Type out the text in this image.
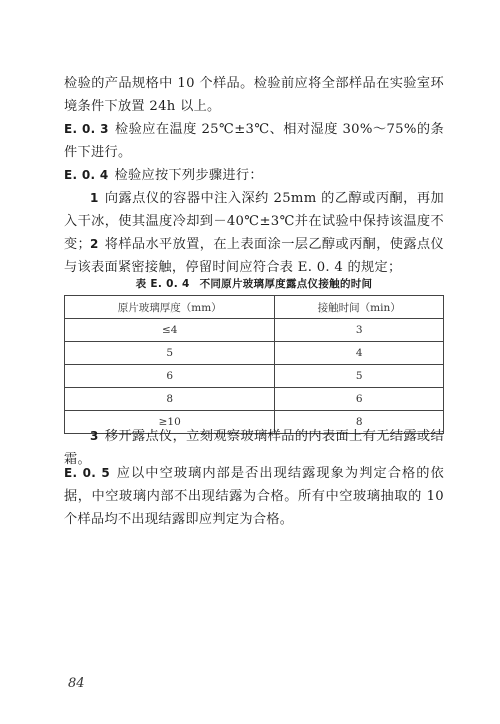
检验的产品规格中 10 个样品。检验前应将全部样品在实验室环境条件下放置 24h 以上。

E. 0. 3 检验应在温度 25℃±3℃、相对湿度 30%～75%的条件下进行。

E. 0. 4 检验应按下列步骤进行：

1 向露点仪的容器中注入深约 25mm 的乙醇或丙酮，再加入干冰，使其温度冷却到－40℃±3℃并在试验中保持该温度不变； 2 将样品水平放置，在上表面涂一层乙醇或丙酮，使露点仪与该表面紧密接触，停留时间应符合表 E. 0. 4 的规定；

表 E. 0. 4 不同原片玻璃厚度露点仪接触的时间
原片玻璃厚度（mm）	接触时间（min）
≤4	3
5	4
6	5
8	6
≥10	8

3 移开露点仪，立刻观察玻璃样品的内表面上有无结露或结霜。

E. 0. 5 应以中空玻璃内部是否出现结露现象为判定合格的依据，中空玻璃内部不出现结露为合格。所有中空玻璃抽取的 10 个样品均不出现结露即应判定为合格。

84
